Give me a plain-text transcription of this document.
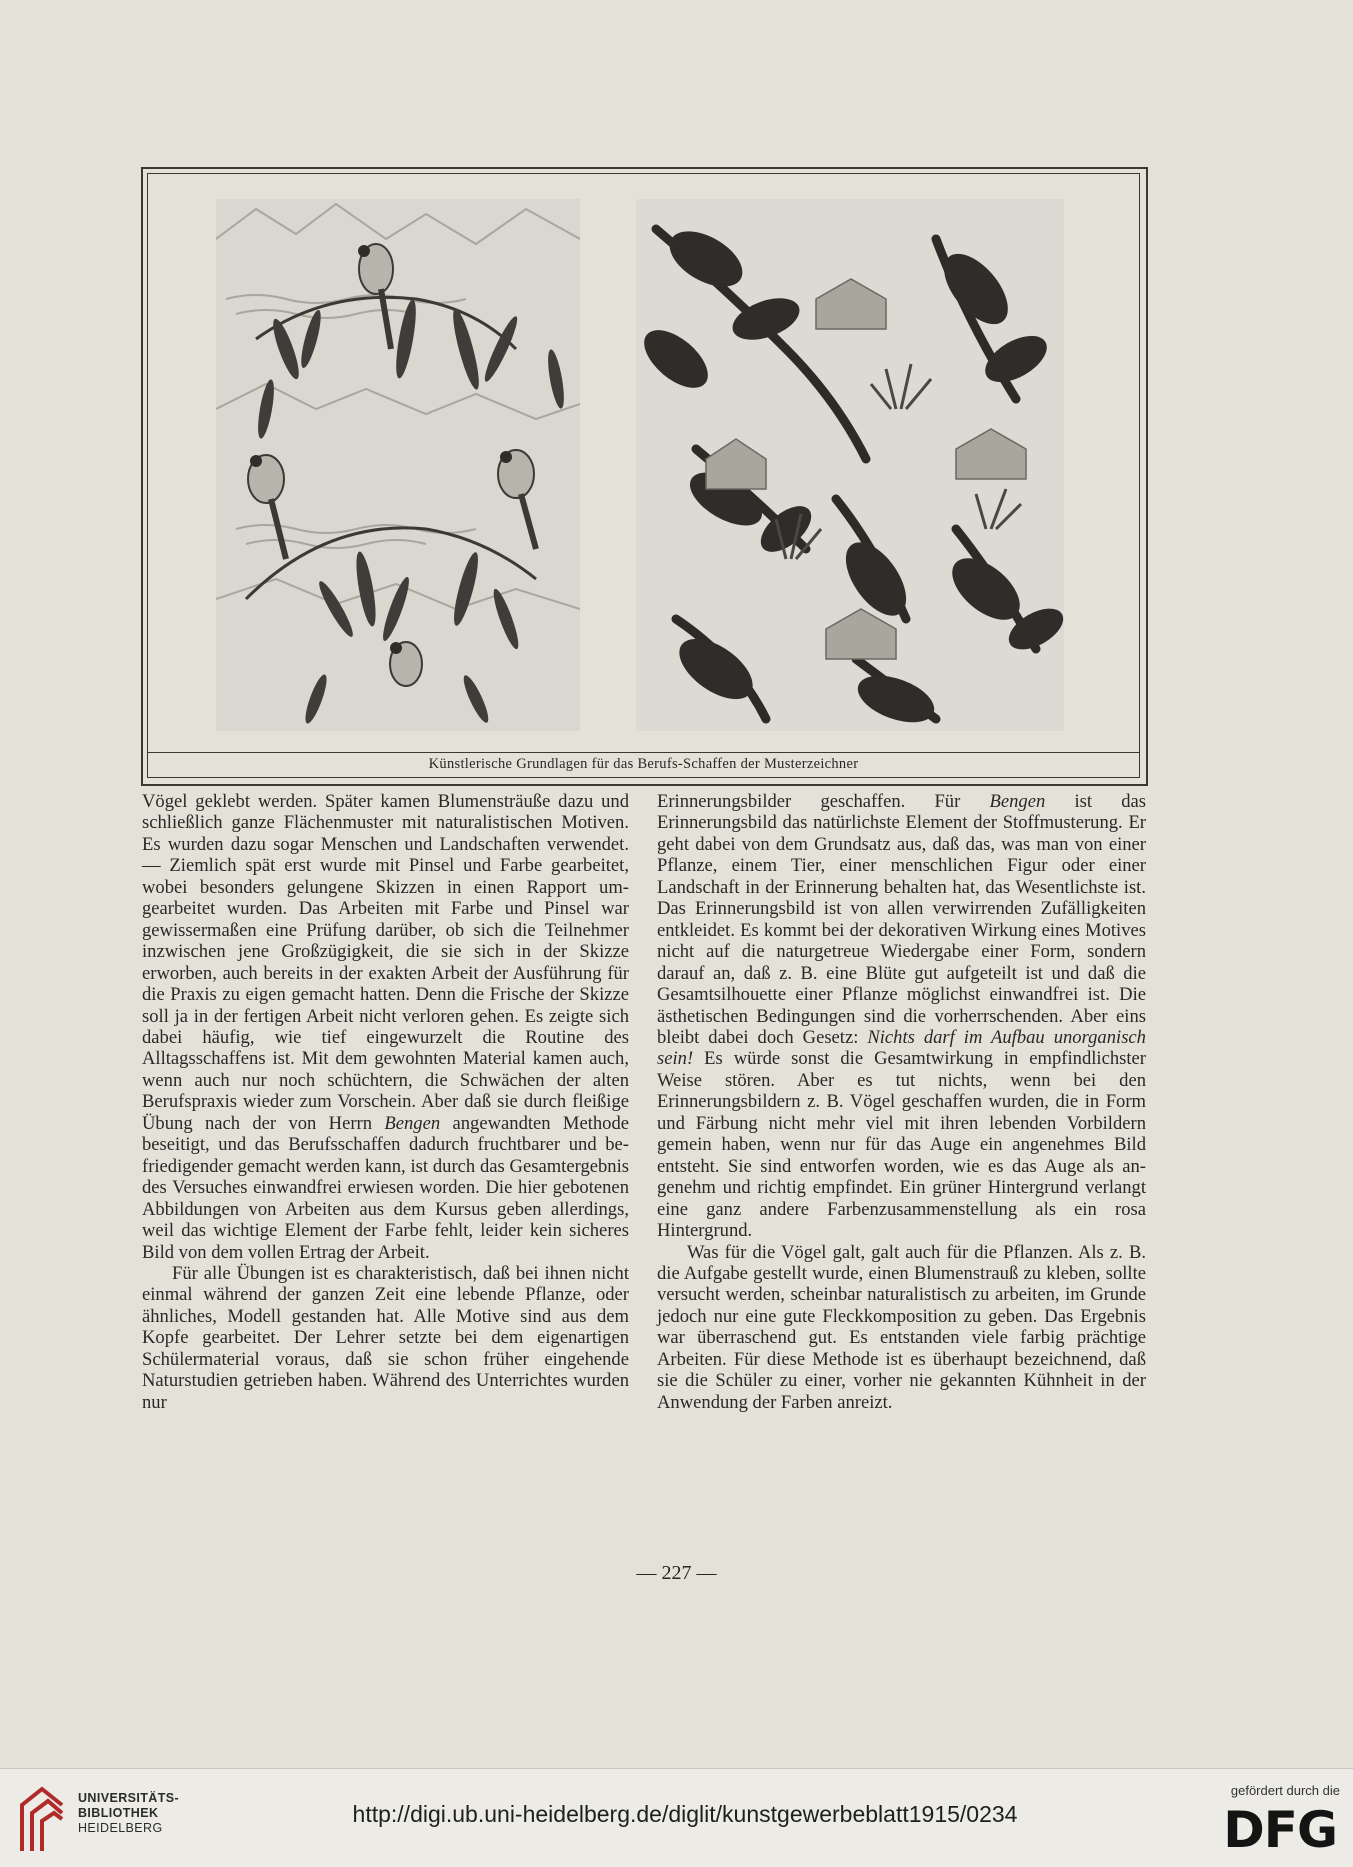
Künstlerische Grundlagen für das Berufs-Schaffen der Musterzeichner

Vögel geklebt werden. Später kamen Blumensträuße dazu und schließlich ganze Flächenmuster mit naturalistischen Motiven. Es wurden dazu sogar Menschen und Landschaften verwendet. — Ziemlich spät erst wurde mit Pinsel und Farbe gearbeitet, wobei besonders gelungene Skizzen in einen Rapport umgearbeitet wurden. Das Arbeiten mit Farbe und Pinsel war gewissermaßen eine Prüfung darüber, ob sich die Teilnehmer inzwischen jene Großzügigkeit, die sie sich in der Skizze erworben, auch bereits in der exakten Arbeit der Ausführung für die Praxis zu eigen gemacht hatten. Denn die Frische der Skizze soll ja in der fertigen Arbeit nicht verloren gehen. Es zeigte sich dabei häufig, wie tief eingewurzelt die Routine des Alltagsschaffens ist. Mit dem gewohnten Material kamen auch, wenn auch nur noch schüchtern, die Schwächen der alten Berufspraxis wieder zum Vorschein. Aber daß sie durch fleißige Übung nach der von Herrn Bengen angewandten Methode beseitigt, und das Berufsschaffen dadurch fruchtbarer und befriedigender gemacht werden kann, ist durch das Gesamtergebnis des Versuches einwandfrei erwiesen worden. Die hier gebotenen Abbildungen von Arbeiten aus dem Kursus geben allerdings, weil das wichtige Element der Farbe fehlt, leider kein sicheres Bild von dem vollen Ertrag der Arbeit.

Für alle Übungen ist es charakteristisch, daß bei ihnen nicht einmal während der ganzen Zeit eine lebende Pflanze, oder ähnliches, Modell gestanden hat. Alle Motive sind aus dem Kopfe gearbeitet. Der Lehrer setzte bei dem eigenartigen Schülermaterial voraus, daß sie schon früher eingehende Naturstudien getrieben haben. Während des Unterrichtes wurden nur

Erinnerungsbilder geschaffen. Für Bengen ist das Erinnerungsbild das natürlichste Element der Stoffmusterung. Er geht dabei von dem Grundsatz aus, daß das, was man von einer Pflanze, einem Tier, einer menschlichen Figur oder einer Landschaft in der Erinnerung behalten hat, das Wesentlichste ist. Das Erinnerungsbild ist von allen verwirrenden Zufälligkeiten entkleidet. Es kommt bei der dekorativen Wirkung eines Motives nicht auf die naturgetreue Wiedergabe einer Form, sondern darauf an, daß z. B. eine Blüte gut aufgeteilt ist und daß die Gesamtsilhouette einer Pflanze möglichst einwandfrei ist. Die ästhetischen Bedingungen sind die vorherrschenden. Aber eins bleibt dabei doch Gesetz: Nichts darf im Aufbau unorganisch sein! Es würde sonst die Gesamtwirkung in empfindlichster Weise stören. Aber es tut nichts, wenn bei den Erinnerungsbildern z. B. Vögel geschaffen wurden, die in Form und Färbung nicht mehr viel mit ihren lebenden Vorbildern gemein haben, wenn nur für das Auge ein angenehmes Bild entsteht. Sie sind entworfen worden, wie es das Auge als angenehm und richtig empfindet. Ein grüner Hintergrund verlangt eine ganz andere Farbenzusammenstellung als ein rosa Hintergrund.

Was für die Vögel galt, galt auch für die Pflanzen. Als z. B. die Aufgabe gestellt wurde, einen Blumenstrauß zu kleben, sollte versucht werden, scheinbar naturalistisch zu arbeiten, im Grunde jedoch nur eine gute Fleckkomposition zu geben. Das Ergebnis war überraschend gut. Es entstanden viele farbig prächtige Arbeiten. Für diese Methode ist es überhaupt bezeichnend, daß sie die Schüler zu einer, vorher nie gekannten Kühnheit in der Anwendung der Farben anreizt.

— 227 —
UNIVERSITÄTS-
BIBLIOTHEK
HEIDELBERG
http://digi.ub.uni-heidelberg.de/diglit/kunstgewerbeblatt1915/0234
gefördert durch die
DFG
